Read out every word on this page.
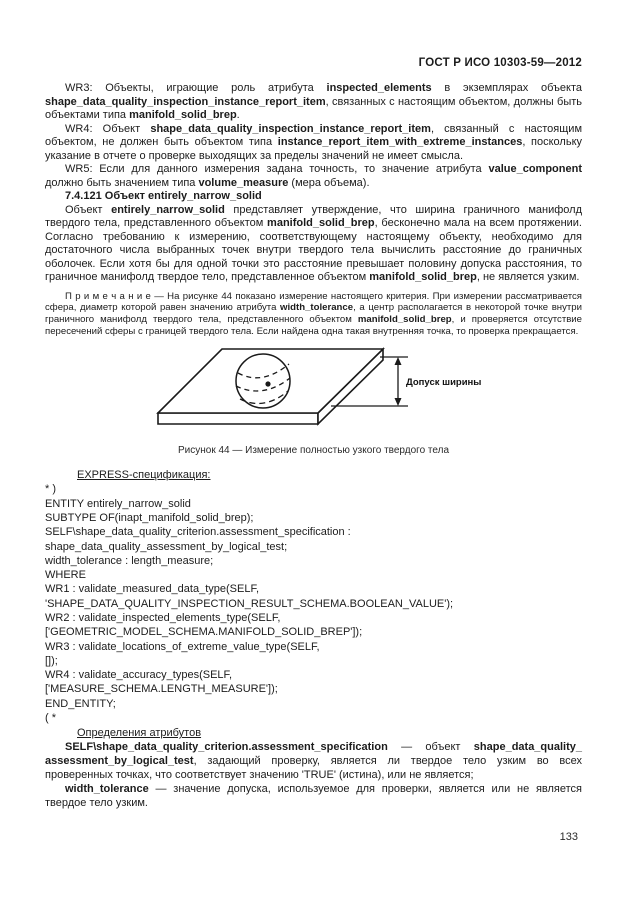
ГОСТ Р ИСО 10303-59—2012

WR3: Объекты, играющие роль атрибута inspected_elements в экземплярах объекта shape_data_quality_inspection_instance_report_item, связанных с настоящим объектом, должны быть объектами типа manifold_solid_brep.

WR4: Объект shape_data_quality_inspection_instance_report_item, связанный с настоящим объектом, не должен быть объектом типа instance_report_item_with_extreme_instances, поскольку указание в отчете о проверке выходящих за пределы значений не имеет смысла.

WR5: Если для данного измерения задана точность, то значение атрибута value_component должно быть значением типа volume_measure (мера объема).

7.4.121 Объект entirely_narrow_solid

Объект entirely_narrow_solid представляет утверждение, что ширина граничного манифолд твердого тела, представленного объектом manifold_solid_brep, бесконечно мала на всем протяжении. Согласно требованию к измерению, соответствующему настоящему объекту, необходимо для достаточного числа выбранных точек внутри твердого тела вычислить расстояние до граничных оболочек. Если хотя бы для одной точки это расстояние превышает половину допуска расстояния, то граничное манифолд твердое тело, представленное объектом manifold_solid_brep, не является узким.

П р и м е ч а н и е — На рисунке 44 показано измерение настоящего критерия. При измерении рассматривается сфера, диаметр которой равен значению атрибута width_tolerance, а центр располагается в некоторой точке внутри граничного манифолд твердого тела, представленного объектом manifold_solid_brep, и проверяется отсутствие пересечений сферы с границей твердого тела. Если найдена одна такая внутренняя точка, то проверка прекращается.

Допуск ширины
Рисунок 44 — Измерение полностью узкого твердого тела

EXPRESS-спецификация:

* )
ENTITY entirely_narrow_solid
SUBTYPE OF(inapt_manifold_solid_brep);
SELF\shape_data_quality_criterion.assessment_specification :
shape_data_quality_assessment_by_logical_test;
width_tolerance : length_measure;
WHERE
WR1 : validate_measured_data_type(SELF,
'SHAPE_DATA_QUALITY_INSPECTION_RESULT_SCHEMA.BOOLEAN_VALUE');
WR2 : validate_inspected_elements_type(SELF,
['GEOMETRIC_MODEL_SCHEMA.MANIFOLD_SOLID_BREP']);
WR3 : validate_locations_of_extreme_value_type(SELF,
[]);
WR4 : validate_accuracy_types(SELF,
['MEASURE_SCHEMA.LENGTH_MEASURE']);
END_ENTITY;
( *

Определения атрибутов

SELF\shape_data_quality_criterion.assessment_specification — объект shape_data_quality_ assessment_by_logical_test, задающий проверку, является ли твердое тело узким во всех проверенных точках, что соответствует значению 'TRUE' (истина), или не является;

width_tolerance — значение допуска, используемое для проверки, является или не является твердое тело узким.

133
